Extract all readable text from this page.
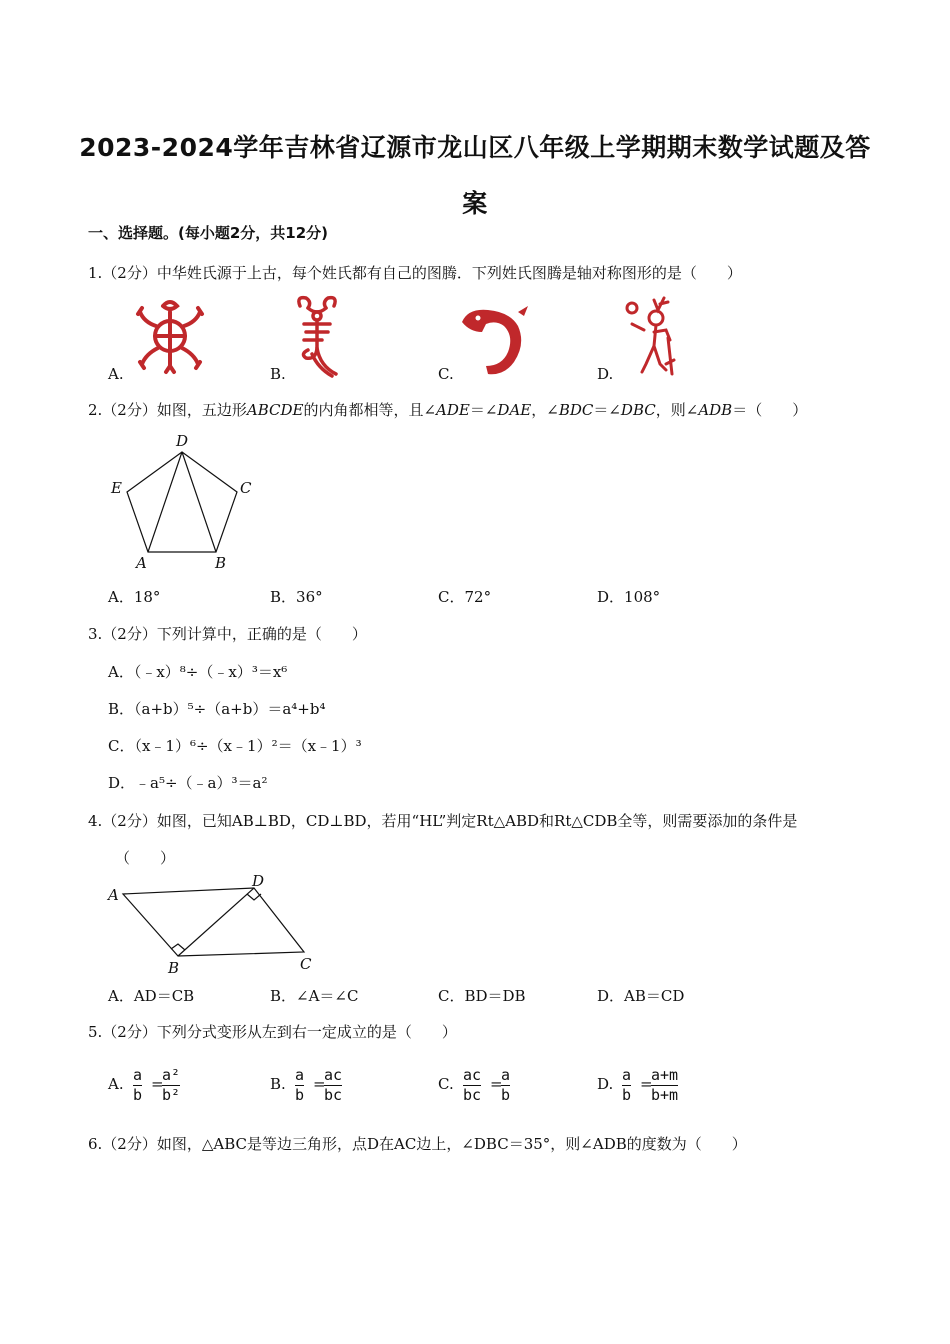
2023-2024学年吉林省辽源市龙山区八年级上学期期末数学试题及答
案
一、选择题。(每小题2分，共12分)
1.（2分）中华姓氏源于上古，每个姓氏都有自己的图腾．下列姓氏图腾是轴对称图形的是（　　）
A.	B.	C.	D.
2.（2分）如图，五边形ABCDE的内角都相等，且∠ADE＝∠DAE，∠BDC＝∠DBC，则∠ADB＝（　　）
D
E	C
A	B
A．18°	B．36°	C．72°	D．108°
3.（2分）下列计算中，正确的是（　　）
A．（﹣x）⁸÷（﹣x）³＝x⁶
B．（a+b）⁵÷（a+b）＝a⁴+b⁴
C．（x﹣1）⁶÷（x﹣1）²＝（x﹣1）³
D．﹣a⁵÷（﹣a）³＝a²
4.（2分）如图，已知AB⊥BD，CD⊥BD，若用“HL”判定Rt△ABD和Rt△CDB全等，则需要添加的条件是
（　　）
A
D
B	C
A．AD＝CB	B．∠A＝∠C	C．BD＝DB	D．AB＝CD
5.（2分）下列分式变形从左到右一定成立的是（　　）
A. $\frac{a}{b}$ =
$\frac{\text{a²}}{\text{b²}}$	B. $\frac{a}{b}$ =
$\frac{ac}{bc}$	C. $\frac{ac}{bc}$ =
$\frac{a}{b}$	D. $\frac{a}{b}$ =
$\frac{a+m}{b+m}$
6.（2分）如图，△ABC是等边三角形，点D在AC边上，∠DBC＝35°，则∠ADB的度数为（　　）
